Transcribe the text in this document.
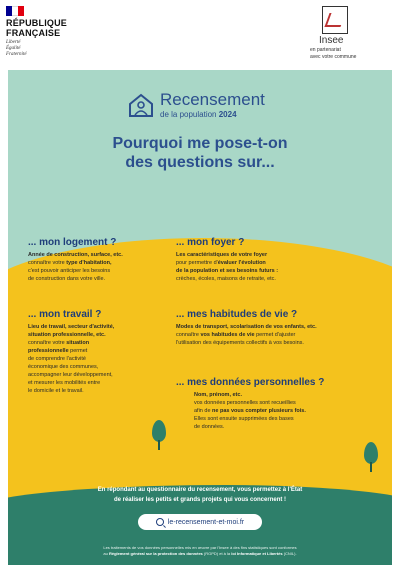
RÉPUBLIQUE
FRANÇAISE
Liberté
Égalité
Fraternité
Insee
en partenariat
avec votre commune
Recensement
de la population 2024
Pourquoi me pose-t-on
des questions sur...
... mon logement ?
Année de construction, surface, etc.
connaître votre type d'habitation,
c'est pouvoir anticiper les besoins
de construction dans votre ville.
... mon foyer ?
Les caractéristiques de votre foyer
pour permettre d'évaluer l'évolution
de la population et ses besoins futurs :
crèches, écoles, maisons de retraite, etc.
... mon travail ?
Lieu de travail, secteur d'activité,
situation professionnelle, etc.
connaître votre situation
professionnelle permet
de comprendre l'activité
économique des communes,
accompagner leur développement,
et mesurer les mobilités entre
le domicile et le travail.
... mes habitudes de vie ?
Modes de transport, scolarisation de vos enfants, etc.
connaître vos habitudes de vie permet d'ajuster
l'utilisation des équipements collectifs à vos besoins.
... mes données personnelles ?
Nom, prénom, etc.
vos données personnelles sont recueillies
afin de ne pas vous compter plusieurs fois.
Elles sont ensuite supprimées des bases
de données.
En répondant au questionnaire du recensement, vous permettez à l'État
de réaliser les petits et grands projets qui vous concernent !
le-recensement-et-moi.fr
Les traitements de vos données personnelles mis en œuvre par l'Insee à des fins statistiques sont conformes
au Règlement général sur la protection des données (RGPD) et à la loi Informatique et Libertés (CNIL).
